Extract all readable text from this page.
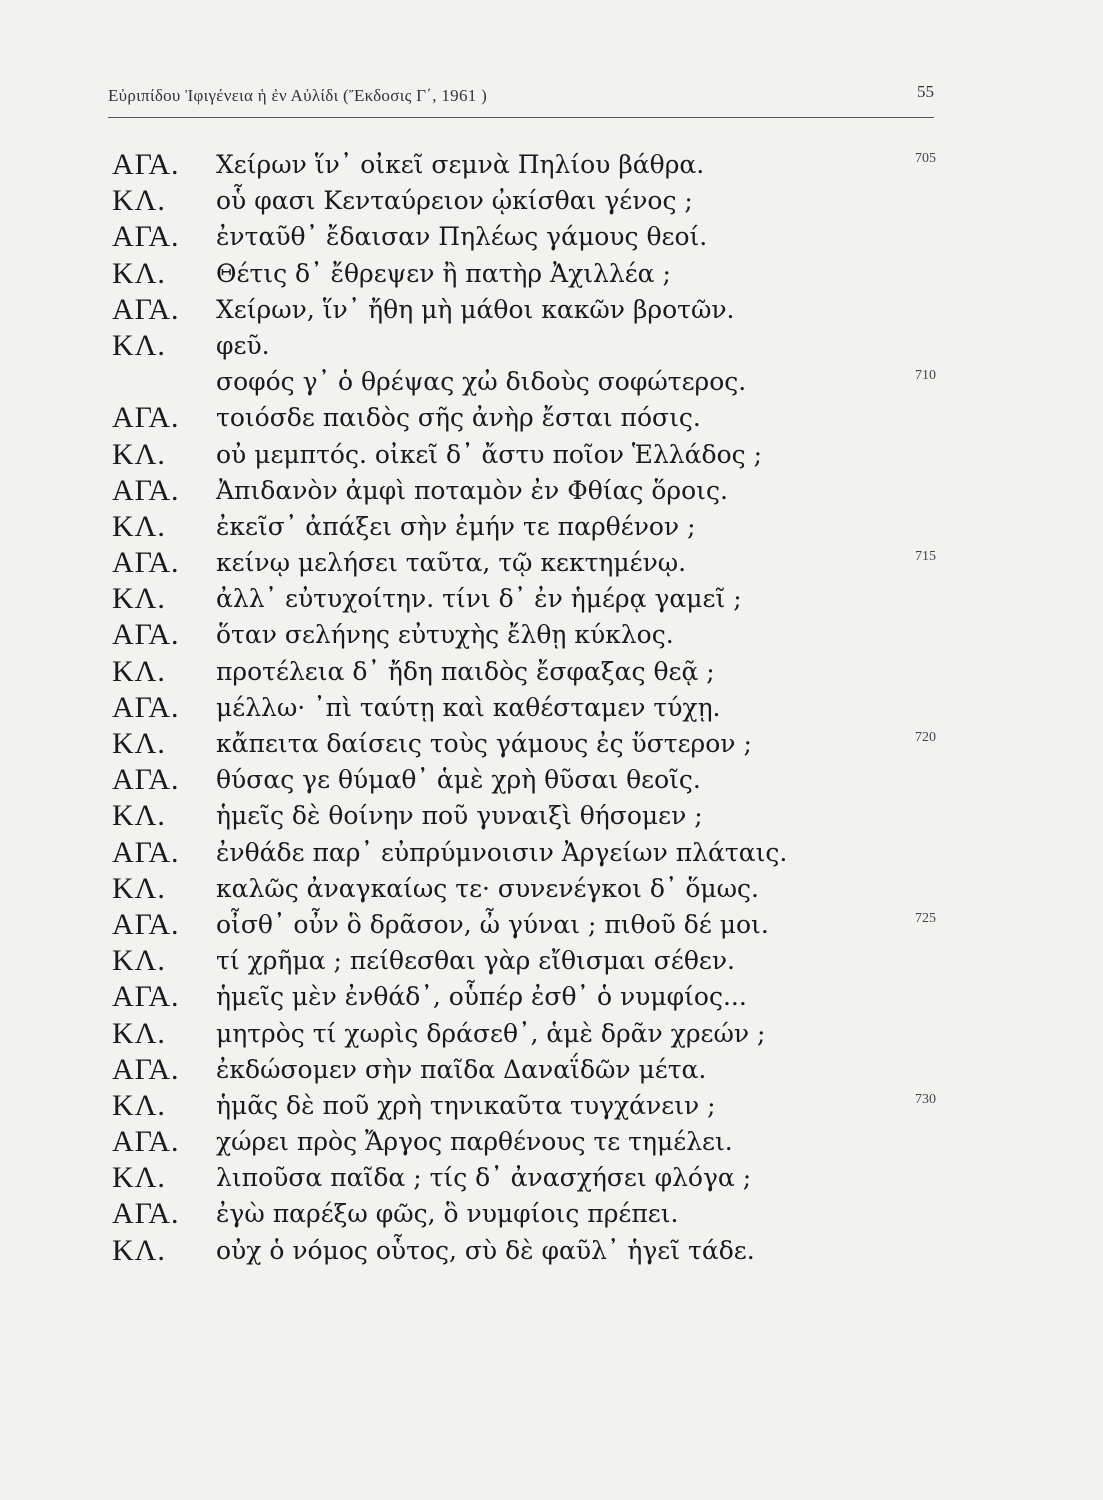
Εὐριπίδου Ἰφιγένεια ἡ ἐν Αὐλίδι (Ἔκδοσις Γ΄, 1961 )	55
ΑΓΑ. Χείρων ἵν᾽ οἰκεῖ σεμνὰ Πηλίου βάθρα.	705
ΚΛ. οὗ φασι Κενταύρειον ᾠκίσθαι γένος ;
ΑΓΑ. ἐνταῦθ᾽ ἔδαισαν Πηλέως γάμους θεοί.
ΚΛ. Θέτις δ᾽ ἔθρεψεν ἢ πατὴρ Ἀχιλλέα ;
ΑΓΑ. Χείρων, ἵν᾽ ἤθη μὴ μάθοι κακῶν βροτῶν.
ΚΛ. φεῦ.
σοφός γ᾽ ὁ θρέψας χὠ διδοὺς σοφώτερος.	710
ΑΓΑ. τοιόσδε παιδὸς σῆς ἀνὴρ ἔσται πόσις.
ΚΛ. οὐ μεμπτός. οἰκεῖ δ᾽ ἄστυ ποῖον Ἑλλάδος ;
ΑΓΑ. Ἀπιδανὸν ἀμφὶ ποταμὸν ἐν Φθίας ὅροις.
ΚΛ. ἐκεῖσ᾽ ἀπάξει σὴν ἐμήν τε παρθένον ;
ΑΓΑ. κείνῳ μελήσει ταῦτα, τῷ κεκτημένῳ.	715
ΚΛ. ἀλλ᾽ εὐτυχοίτην. τίνι δ᾽ ἐν ἡμέρᾳ γαμεῖ ;
ΑΓΑ. ὅταν σελήνης εὐτυχὴς ἔλθῃ κύκλος.
ΚΛ. προτέλεια δ᾽ ἤδη παιδὸς ἔσφαξας θεᾷ ;
ΑΓΑ. μέλλω· ᾽πὶ ταύτῃ καὶ καθέσταμεν τύχῃ.
ΚΛ. κἄπειτα δαίσεις τοὺς γάμους ἐς ὕστερον ;	720
ΑΓΑ. θύσας γε θύμαθ᾽ ἁμὲ χρὴ θῦσαι θεοῖς.
ΚΛ. ἡμεῖς δὲ θοίνην ποῦ γυναιξὶ θήσομεν ;
ΑΓΑ. ἐνθάδε παρ᾽ εὐπρύμνοισιν Ἀργείων πλάταις.
ΚΛ. καλῶς ἀναγκαίως τε· συνενέγκοι δ᾽ ὅμως.
ΑΓΑ. οἶσθ᾽ οὖν ὃ δρᾶσον, ὦ γύναι ; πιθοῦ δέ μοι.	725
ΚΛ. τί χρῆμα ; πείθεσθαι γὰρ εἴθισμαι σέθεν.
ΑΓΑ. ἡμεῖς μὲν ἐνθάδ᾽, οὗπέρ ἐσθ᾽ ὁ νυμφίος...
ΚΛ. μητρὸς τί χωρὶς δράσεθ᾽, ἁμὲ δρᾶν χρεών ;
ΑΓΑ. ἐκδώσομεν σὴν παῖδα Δαναΐδῶν μέτα.
ΚΛ. ἡμᾶς δὲ ποῦ χρὴ τηνικαῦτα τυγχάνειν ;	730
ΑΓΑ. χώρει πρὸς Ἄργος παρθένους τε τημέλει.
ΚΛ. λιποῦσα παῖδα ; τίς δ᾽ ἀνασχήσει φλόγα ;
ΑΓΑ. ἐγὼ παρέξω φῶς, ὃ νυμφίοις πρέπει.
ΚΛ. οὐχ ὁ νόμος οὗτος, σὺ δὲ φαῦλ᾽ ἡγεῖ τάδε.
